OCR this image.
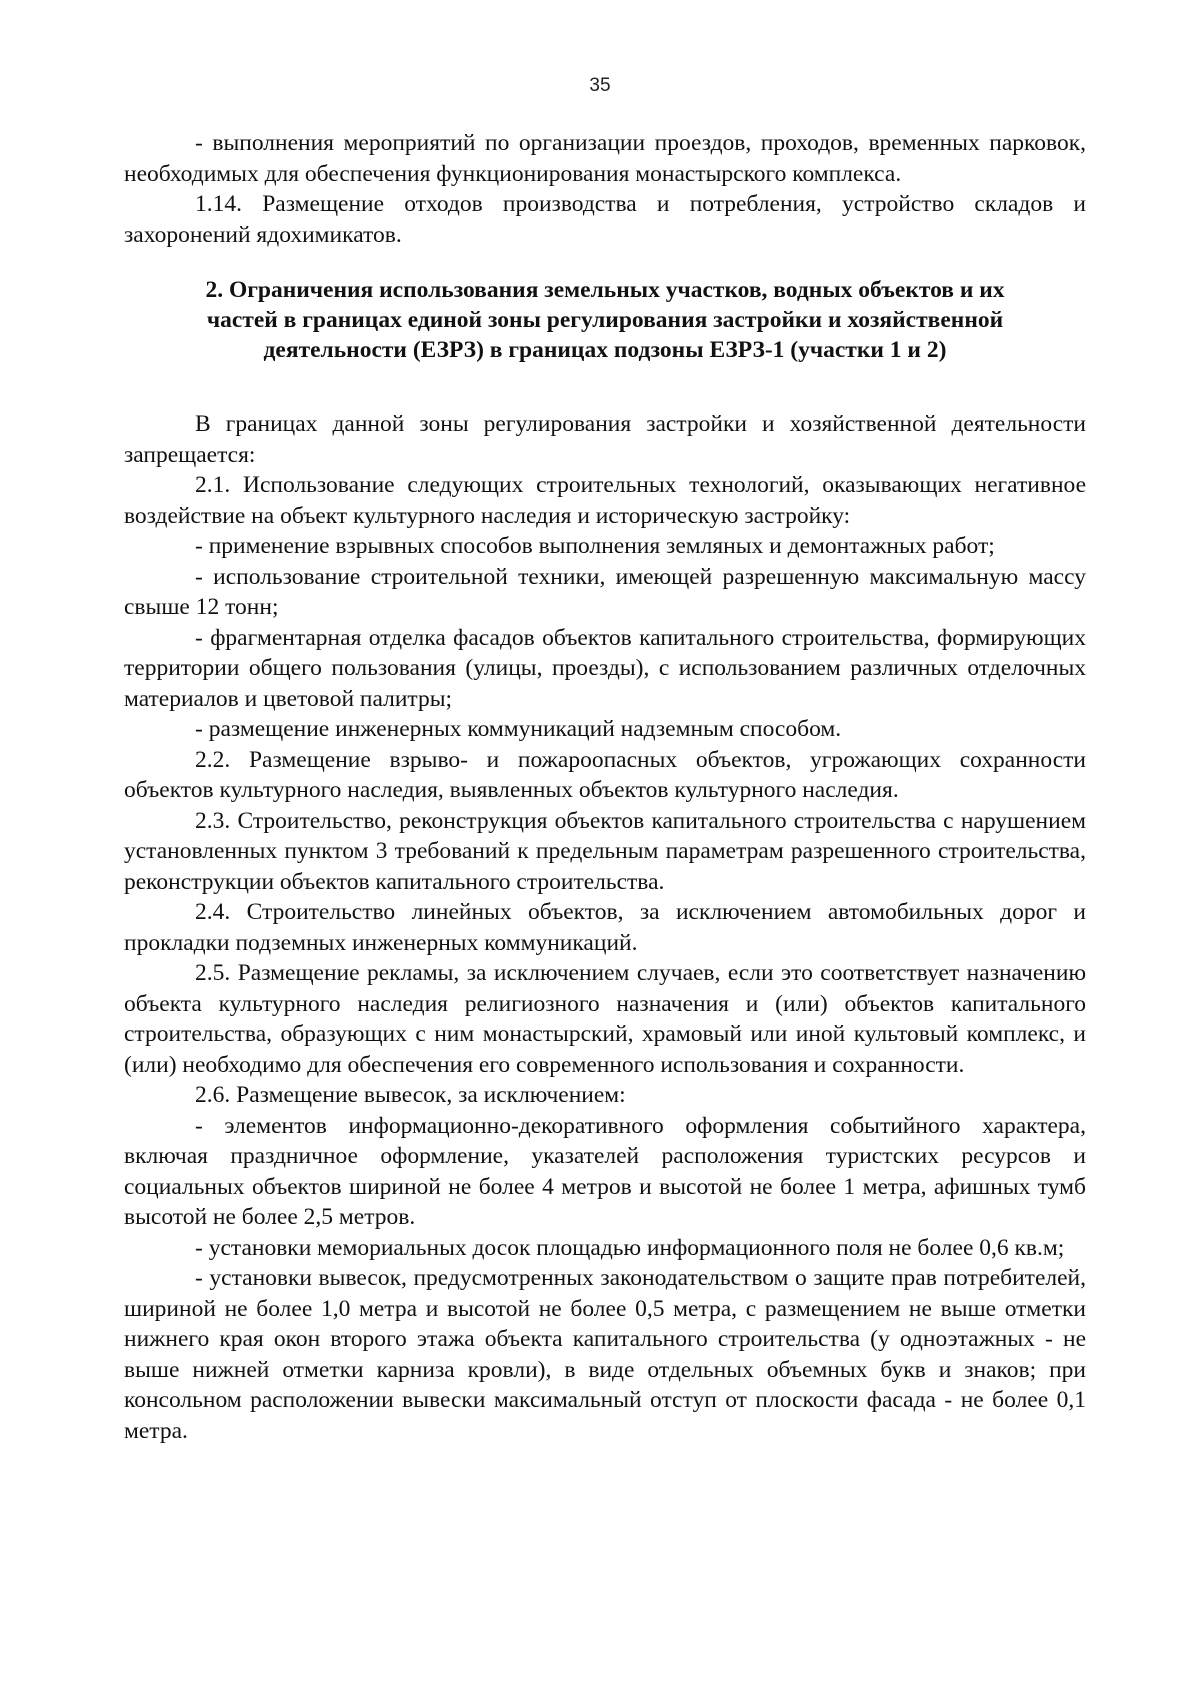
35

- выполнения мероприятий по организации проездов, проходов, временных парковок, необходимых для обеспечения функционирования монастырского комплекса.

1.14. Размещение отходов производства и потребления, устройство складов и захоронений ядохимикатов.

2. Ограничения использования земельных участков, водных объектов и их
частей в границах единой зоны регулирования застройки и хозяйственной
деятельности (ЕЗРЗ) в границах подзоны ЕЗРЗ-1 (участки 1 и 2)

В границах данной зоны регулирования застройки и хозяйственной деятельности запрещается:

2.1. Использование следующих строительных технологий, оказывающих негативное воздействие на объект культурного наследия и историческую застройку:

- применение взрывных способов выполнения земляных и демонтажных работ;

- использование строительной техники, имеющей разрешенную максимальную массу свыше 12 тонн;

- фрагментарная отделка фасадов объектов капитального строительства, формирующих территории общего пользования (улицы, проезды), с использованием различных отделочных материалов и цветовой палитры;

- размещение инженерных коммуникаций надземным способом.

2.2. Размещение взрыво- и пожароопасных объектов, угрожающих сохранности объектов культурного наследия, выявленных объектов культурного наследия.

2.3. Строительство, реконструкция объектов капитального строительства с нарушением установленных пунктом 3 требований к предельным параметрам разрешенного строительства, реконструкции объектов капитального строительства.

2.4. Строительство линейных объектов, за исключением автомобильных дорог и прокладки подземных инженерных коммуникаций.

2.5. Размещение рекламы, за исключением случаев, если это соответствует назначению объекта культурного наследия религиозного назначения и (или) объектов капитального строительства, образующих с ним монастырский, храмовый или иной культовый комплекс, и (или) необходимо для обеспечения его современного использования и сохранности.

2.6. Размещение вывесок, за исключением:

- элементов информационно-декоративного оформления событийного характера, включая праздничное оформление, указателей расположения туристских ресурсов и социальных объектов шириной не более 4 метров и высотой не более 1 метра, афишных тумб высотой не более 2,5 метров.

- установки мемориальных досок площадью информационного поля не более 0,6 кв.м;

- установки вывесок, предусмотренных законодательством о защите прав потребителей, шириной не более 1,0 метра и высотой не более 0,5 метра, с размещением не выше отметки нижнего края окон второго этажа объекта капитального строительства (у одноэтажных - не выше нижней отметки карниза кровли), в виде отдельных объемных букв и знаков; при консольном расположении вывески максимальный отступ от плоскости фасада - не более 0,1 метра.
